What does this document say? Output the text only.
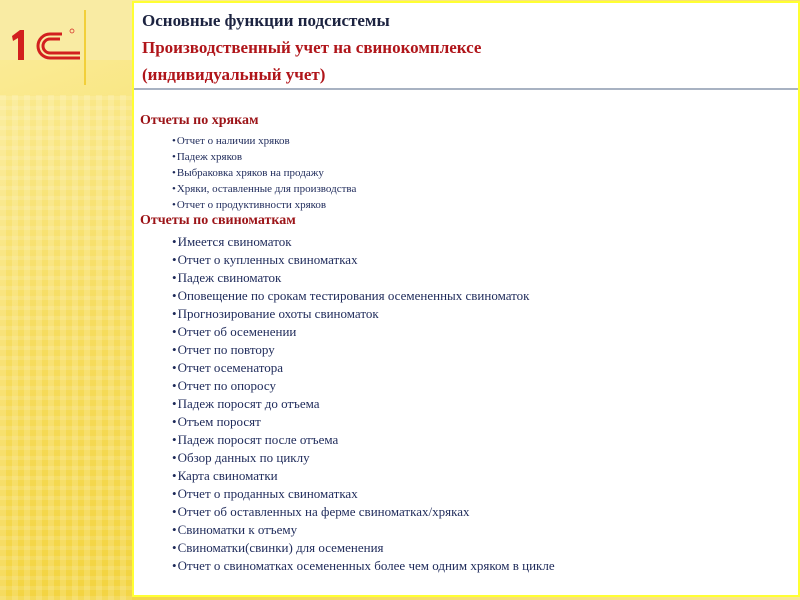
Основные функции подсистемы
Производственный учет на свинокомплексе
(индивидуальный учет)
Отчеты по хрякам
• Отчет о наличии хряков
• Падеж хряков
• Выбраковка хряков на продажу
• Хряки, оставленные для производства
• Отчет о продуктивности хряков
Отчеты по свиноматкам
• Имеется свиноматок
• Отчет о купленных свиноматках
• Падеж свиноматок
• Оповещение по срокам тестирования осемененных свиноматок
• Прогнозирование охоты свиноматок
• Отчет об осеменении
• Отчет по повтору
• Отчет осеменатора
• Отчет по опоросу
• Падеж поросят до отъема
• Отъем поросят
• Падеж поросят после отъема
• Обзор данных по циклу
• Карта свиноматки
• Отчет о проданных свиноматках
• Отчет об оставленных на ферме свиноматках/хряках
• Свиноматки к отъему
• Свиноматки(свинки) для осеменения
• Отчет о свиноматках осемененных более чем одним хряком в цикле
